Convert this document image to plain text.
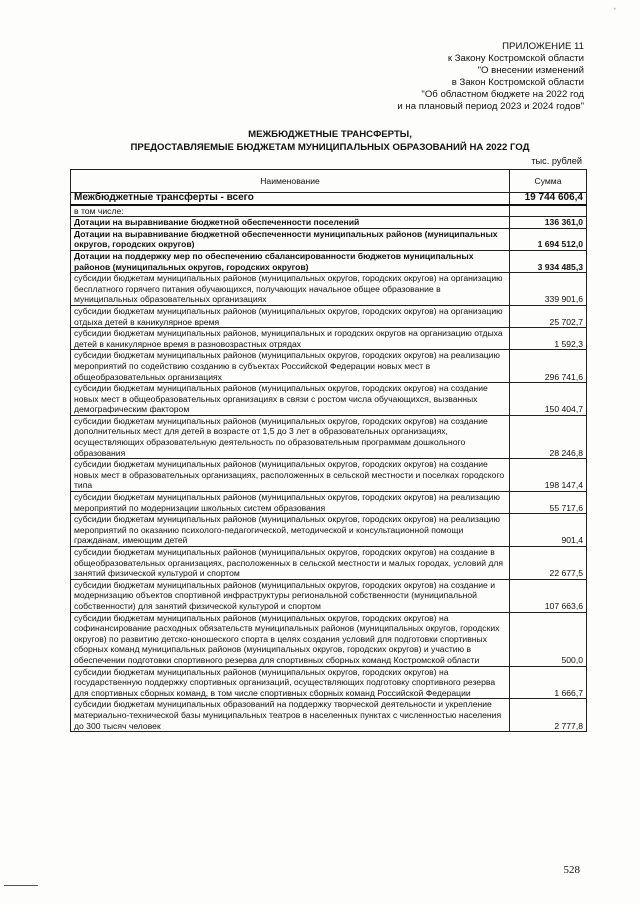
*
ПРИЛОЖЕНИЕ 11
к Закону Костромской области
"О внесении изменений
в Закон Костромской области
"Об областном бюджете на 2022 год
и на плановый период 2023 и 2024 годов"
МЕЖБЮДЖЕТНЫЕ ТРАНСФЕРТЫ,
ПРЕДОСТАВЛЯЕМЫЕ БЮДЖЕТАМ МУНИЦИПАЛЬНЫХ ОБРАЗОВАНИЙ НА 2022 ГОД
тыс. рублей
Наименование	Сумма
Межбюджетные трансферты - всего	19 744 606,4
в том числе:	
Дотации на выравнивание бюджетной обеспеченности поселений	136 361,0
Дотации на выравнивание бюджетной обеспеченности муниципальных районов (муниципальных округов, городских округов)	1 694 512,0
Дотации на поддержку мер по обеспечению сбалансированности бюджетов муниципальных районов (муниципальных округов, городских округов)	3 934 485,3
субсидии бюджетам муниципальных районов (муниципальных округов, городских округов) на организацию бесплатного горячего питания обучающихся, получающих начальное общее образование в муниципальных образовательных организациях	339 901,6
субсидии бюджетам муниципальных районов (муниципальных округов, городских округов) на организацию отдыха детей в каникулярное время	25 702,7
субсидии бюджетам муниципальных районов, муниципальных и городских округов на организацию отдыха детей в каникулярное время в разновозрастных отрядах	1 592,3
субсидии бюджетам муниципальных районов (муниципальных округов, городских округов) на реализацию мероприятий по содействию созданию в субъектах Российской Федерации новых мест в общеобразовательных организациях	296 741,6
субсидии бюджетам муниципальных районов (муниципальных округов, городских округов) на создание новых мест в общеобразовательных организациях в связи с ростом числа обучающихся, вызванных демографическим фактором	150 404,7
субсидии бюджетам муниципальных районов (муниципальных округов, городских округов) на создание дополнительных мест для детей в возрасте от 1,5 до 3 лет в образовательных организациях, осуществляющих образовательную деятельность по образовательным программам дошкольного образования	28 246,8
субсидии бюджетам муниципальных районов (муниципальных округов, городских округов) на создание новых мест в образовательных организациях, расположенных в сельской местности и поселках городского типа	198 147,4
субсидии бюджетам муниципальных районов (муниципальных округов, городских округов) на реализацию мероприятий по модернизации школьных систем образования	55 717,6
субсидии бюджетам муниципальных районов (муниципальных округов, городских округов) на реализацию мероприятий по оказанию психолого-педагогической, методической и консультационной помощи гражданам, имеющим детей	901,4
субсидии бюджетам муниципальных районов (муниципальных округов, городских округов) на создание в общеобразовательных организациях, расположенных в сельской местности и малых городах, условий для занятий физической культурой и спортом	22 677,5
субсидии бюджетам муниципальных районов (муниципальных округов, городских округов) на создание и модернизацию объектов спортивной инфраструктуры региональной собственности (муниципальной собственности) для занятий физической культурой и спортом	107 663,6
субсидии бюджетам муниципальных районов (муниципальных округов, городских округов) на софинансирование расходных обязательств муниципальных районов (муниципальных округов, городских округов) по развитию детско-юношеского спорта в целях создания условий для подготовки спортивных сборных команд муниципальных районов (муниципальных округов, городских округов) и участию в обеспечении подготовки спортивного резерва для спортивных сборных команд Костромской области	500,0
субсидии бюджетам муниципальных районов (муниципальных округов, городских округов) на государственную поддержку спортивных организаций, осуществляющих подготовку спортивного резерва для спортивных сборных команд, в том числе спортивных сборных команд Российской Федерации	1 666,7
субсидии бюджетам муниципальных образований на поддержку творческой деятельности и укрепление материально-технической базы муниципальных театров в населенных пунктах с численностью населения до 300 тысяч человек	2 777,8
528
